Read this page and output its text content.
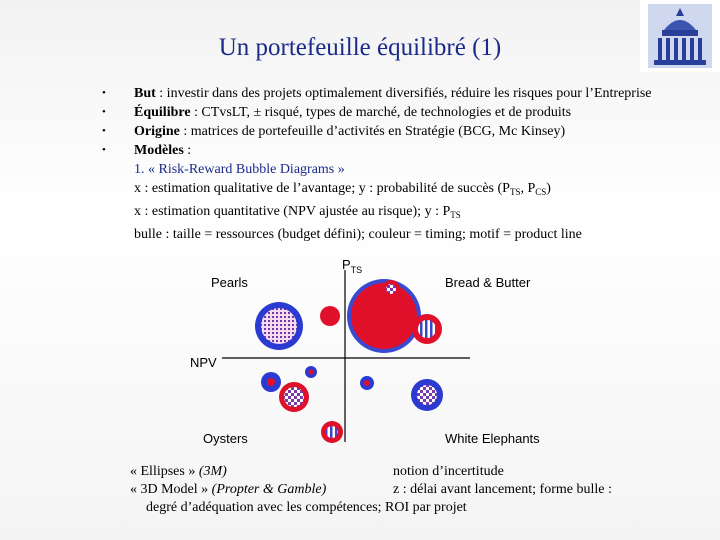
Un portefeuille équilibré (1)
•	But : investir dans des projets optimalement diversifiés, réduire les risques pour l’Entreprise
•	Équilibre : CTvsLT, ± risqué, types de marché, de technologies et de produits
•	Origine : matrices de portefeuille d’activités en Stratégie (BCG, Mc Kinsey)
•	Modèles :
1. « Risk-Reward Bubble Diagrams »
x : estimation qualitative de l’avantage; y : probabilité de succès ($P_{TS}$, $P_{CS}$)
x : estimation quantitative (NPV ajustée au risque); y : $P_{TS}$
bulle : taille = ressources (budget défini); couleur = timing; motif = product line
$P_{TS}$
NPV
Pearls	Bread & Butter
Oysters	White Elephants
« Ellipses » (3M)	notion d’incertitude
« 3D Model » (Propter & Gamble)	z : délai avant lancement; forme bulle :
degré d’adéquation avec les compétences; ROI par projet
